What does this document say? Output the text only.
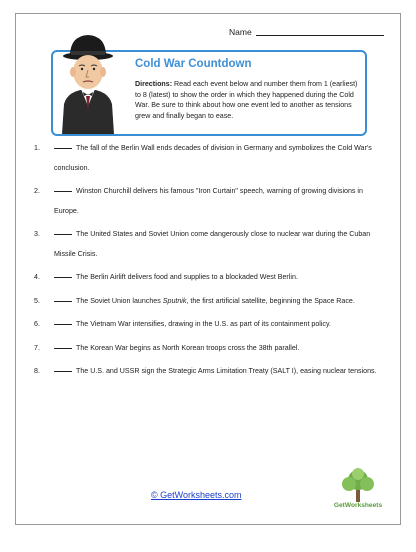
Name
Cold War Countdown
Directions: Read each event below and number them from 1 (earliest) to 8 (latest) to show the order in which they happened during the Cold War. Be sure to think about how one event led to another as tensions grew and finally began to ease.
1.	The fall of the Berlin Wall ends decades of division in Germany and symbolizes the Cold War's conclusion.
2.	Winston Churchill delivers his famous "Iron Curtain" speech, warning of growing divisions in Europe.
3.	The United States and Soviet Union come dangerously close to nuclear war during the Cuban Missile Crisis.
4.	The Berlin Airlift delivers food and supplies to a blockaded West Berlin.
5.	The Soviet Union launches Sputnik, the first artificial satellite, beginning the Space Race.
6.	The Vietnam War intensifies, drawing in the U.S. as part of its containment policy.
7.	The Korean War begins as North Korean troops cross the 38th parallel.
8.	The U.S. and USSR sign the Strategic Arms Limitation Treaty (SALT I), easing nuclear tensions.
© GetWorksheets.com
GetWorksheets
